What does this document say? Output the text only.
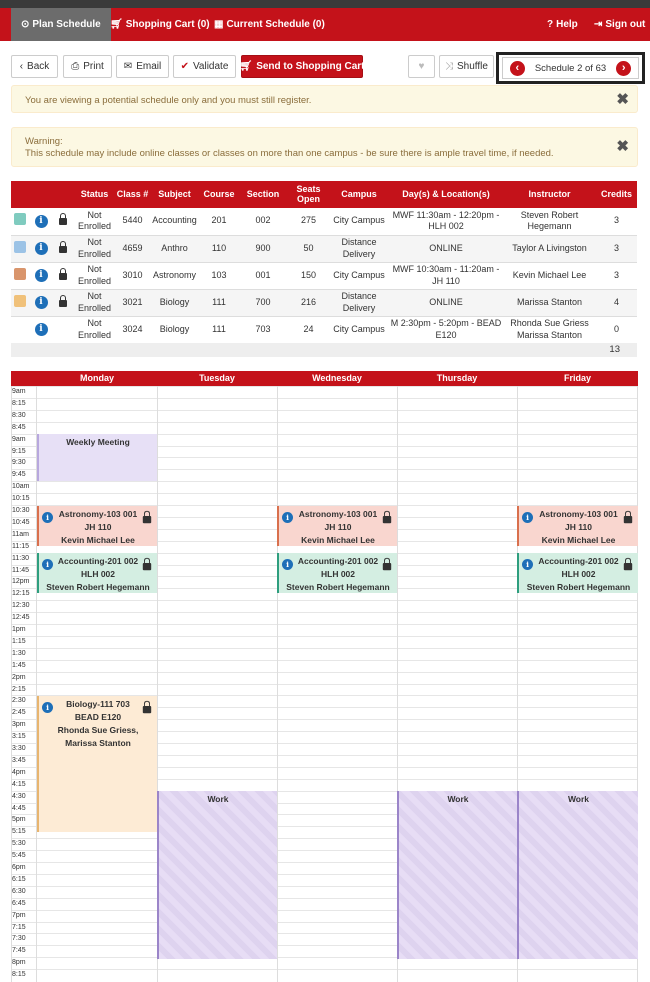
⊙ Plan Schedule 🛒︎ Shopping Cart (0) ▦ Current Schedule (0)	? Help ⇥ Sign out
‹ Back ⎙ Print ✉ Email ✔ Validate 🛒︎ Send to Shopping Cart	♥ ⤨ Shuffle	‹	Schedule 2 of 63	›
You are viewing a potential schedule only and you must still register.	✖
Warning:
This schedule may include online classes or classes on more than one campus - be sure there is ample travel time, if needed.	✖
			Status	Class #	Subject	Course	Section	Seats Open	Campus	Day(s) & Location(s)	Instructor	Credits
	i		Not Enrolled	5440	Accounting	201	002	275	City Campus	MWF 11:30am - 12:20pm - HLH 002	Steven Robert Hegemann	3
	i		Not Enrolled	4659	Anthro	110	900	50	Distance Delivery	ONLINE	Taylor A Livingston	3
	i		Not Enrolled	3010	Astronomy	103	001	150	City Campus	MWF 10:30am - 11:20am - JH 110	Kevin Michael Lee	3
	i		Not Enrolled	3021	Biology	111	700	216	Distance Delivery	ONLINE	Marissa Stanton	4
	i		Not Enrolled	3024	Biology	111	703	24	City Campus	M 2:30pm - 5:20pm - BEAD E120	Rhonda Sue Griess Marissa Stanton	0
13
Monday	Tuesday	Wednesday	Thursday	Friday
9am
8:15
8:30
8:45
9am
9:15
9:30
9:45
10am
10:15
10:30
10:45
11am
11:15
11:30
11:45
12pm
12:15
12:30
12:45
1pm
1:15
1:30
1:45
2pm
2:15
2:30
2:45
3pm
3:15
3:30
3:45
4pm
4:15
4:30
4:45
5pm
5:15
5:30
5:45
6pm
6:15
6:30
6:45
7pm
7:15
7:30
7:45
8pm
8:15
Weekly Meeting
i	Astronomy-103 001
JH 110
Kevin Michael Lee
i	Astronomy-103 001
JH 110
Kevin Michael Lee
i	Astronomy-103 001
JH 110
Kevin Michael Lee
i	Accounting-201 002
HLH 002
Steven Robert Hegemann
i	Accounting-201 002
HLH 002
Steven Robert Hegemann
i	Accounting-201 002
HLH 002
Steven Robert Hegemann
i	Biology-111 703
BEAD E120
Rhonda Sue Griess, Marissa Stanton
Work	Work	Work
